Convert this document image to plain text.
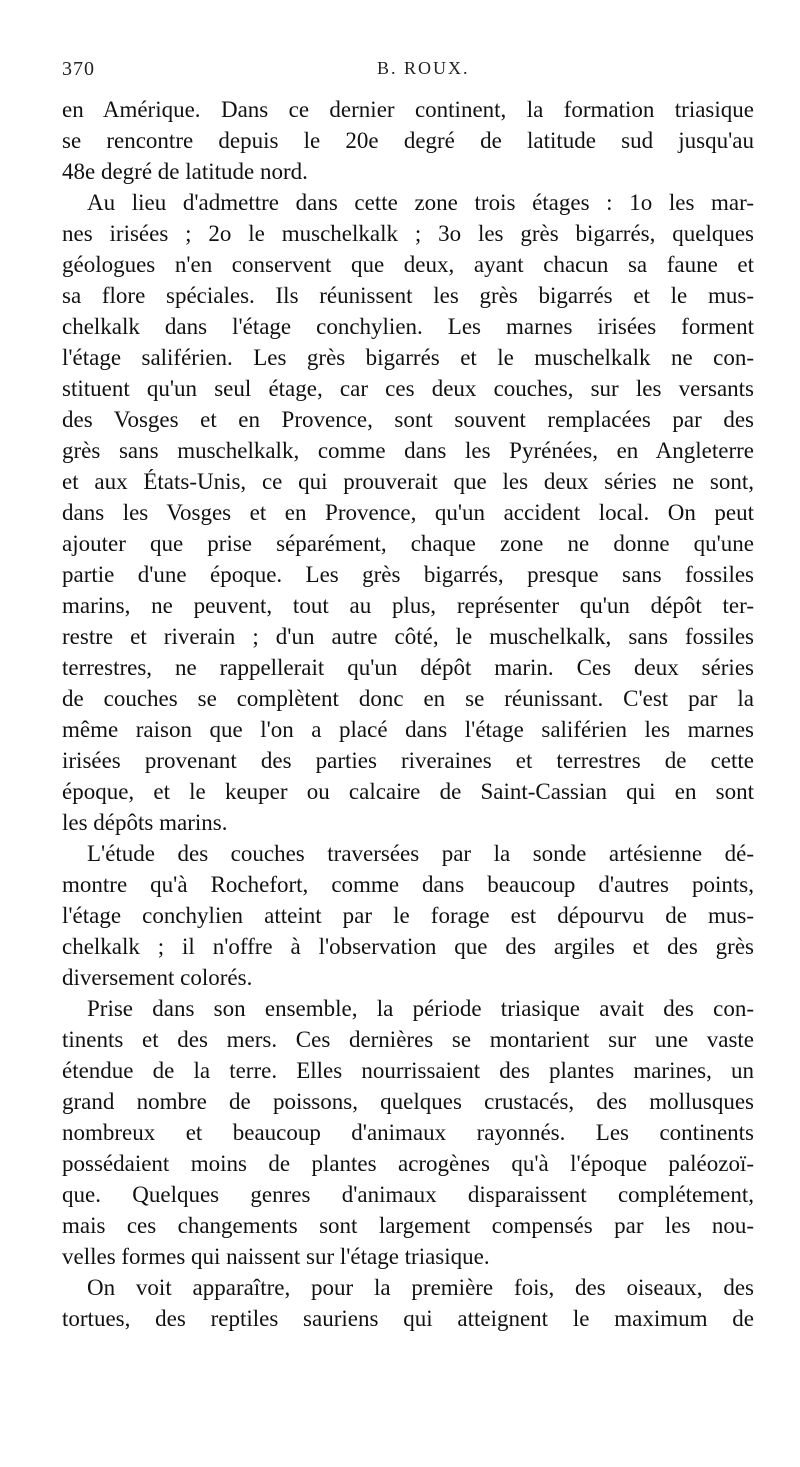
370	B. ROUX.
en Amérique. Dans ce dernier continent, la formation triasique
se rencontre depuis le 20e degré de latitude sud jusqu'au
48e degré de latitude nord.
Au lieu d'admettre dans cette zone trois étages : 1o les mar-
nes irisées ; 2o le muschelkalk ; 3o les grès bigarrés, quelques
géologues n'en conservent que deux, ayant chacun sa faune et
sa flore spéciales. Ils réunissent les grès bigarrés et le mus-
chelkalk dans l'étage conchylien. Les marnes irisées forment
l'étage saliférien. Les grès bigarrés et le muschelkalk ne con-
stituent qu'un seul étage, car ces deux couches, sur les versants
des Vosges et en Provence, sont souvent remplacées par des
grès sans muschelkalk, comme dans les Pyrénées, en Angleterre
et aux États-Unis, ce qui prouverait que les deux séries ne sont,
dans les Vosges et en Provence, qu'un accident local. On peut
ajouter que prise séparément, chaque zone ne donne qu'une
partie d'une époque. Les grès bigarrés, presque sans fossiles
marins, ne peuvent, tout au plus, représenter qu'un dépôt ter-
restre et riverain ; d'un autre côté, le muschelkalk, sans fossiles
terrestres, ne rappellerait qu'un dépôt marin. Ces deux séries
de couches se complètent donc en se réunissant. C'est par la
même raison que l'on a placé dans l'étage saliférien les marnes
irisées provenant des parties riveraines et terrestres de cette
époque, et le keuper ou calcaire de Saint-Cassian qui en sont
les dépôts marins.
L'étude des couches traversées par la sonde artésienne dé-
montre qu'à Rochefort, comme dans beaucoup d'autres points,
l'étage conchylien atteint par le forage est dépourvu de mus-
chelkalk ; il n'offre à l'observation que des argiles et des grès
diversement colorés.
Prise dans son ensemble, la période triasique avait des con-
tinents et des mers. Ces dernières se montarient sur une vaste
étendue de la terre. Elles nourrissaient des plantes marines, un
grand nombre de poissons, quelques crustacés, des mollusques
nombreux et beaucoup d'animaux rayonnés. Les continents
possédaient moins de plantes acrogènes qu'à l'époque paléozoï-
que. Quelques genres d'animaux disparaissent complétement,
mais ces changements sont largement compensés par les nou-
velles formes qui naissent sur l'étage triasique.
On voit apparaître, pour la première fois, des oiseaux, des
tortues, des reptiles sauriens qui atteignent le maximum de
